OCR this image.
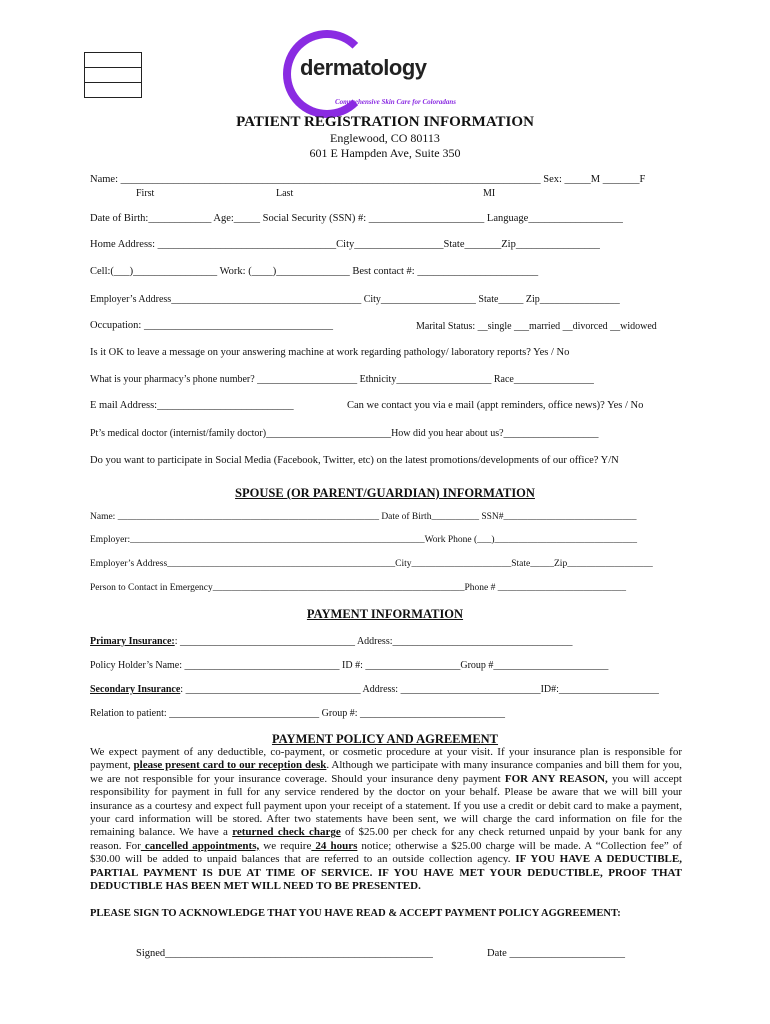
dermatology
Comprehensive Skin Care for Coloradans
PATIENT REGISTRATION INFORMATION
Englewood, CO 80113
601 E Hampden Ave, Suite 350
Name: ________________________________________________________________________________ Sex: _____M _______F
First	Last	MI
Date of Birth:____________ Age:_____ Social Security (SSN) #: ______________________ Language__________________
Home Address: __________________________________City_________________State_______Zip________________
Cell:(___)________________ Work: (____)______________ Best contact #: _______________________
Employer’s Address______________________________________ City___________________ State_____ Zip________________
Occupation: ____________________________________	Marital Status: __single ___married __divorced __widowed
Is it OK to leave a message on your answering machine at work regarding pathology/ laboratory reports? Yes / No
What is your pharmacy’s phone number? ____________________ Ethnicity___________________ Race________________
E mail Address:__________________________	Can we contact you via e mail (appt reminders, office news)? Yes / No
Pt’s medical doctor (internist/family doctor)_________________________How did you hear about us?___________________
Do you want to participate in Social Media (Facebook, Twitter, etc) on the latest promotions/developments of our office? Y/N
SPOUSE (OR PARENT/GUARDIAN) INFORMATION
Name: _______________________________________________________ Date of Birth__________ SSN#____________________________
Employer:______________________________________________________________Work Phone (___)______________________________
Employer’s Address________________________________________________City_____________________State_____Zip__________________
Person to Contact in Emergency_____________________________________________________Phone # ___________________________
PAYMENT INFORMATION
Primary Insurance:: ___________________________________ Address:____________________________________
Policy Holder’s Name: _______________________________ ID #: ___________________Group #_______________________
Secondary Insurance: ___________________________________ Address: ____________________________ID#:____________________
Relation to patient: ______________________________ Group #: _____________________________
PAYMENT POLICY AND AGREEMENT
We expect payment of any deductible, co-payment, or cosmetic procedure at your visit. If your insurance plan is responsible for payment, please present card to our reception desk. Although we participate with many insurance companies and bill them for you, we are not responsible for your insurance coverage. Should your insurance deny payment FOR ANY REASON, you will accept responsibility for payment in full for any service rendered by the doctor on your behalf. Please be aware that we will bill your insurance as a courtesy and expect full payment upon your receipt of a statement. If you use a credit or debit card to make a payment, your card information will be stored. After two statements have been sent, we will charge the card information on file for the remaining balance. We have a returned check charge of $25.00 per check for any check returned unpaid by your bank for any reason. For cancelled appointments, we require 24 hours notice; otherwise a $25.00 charge will be made. A “Collection fee” of $30.00 will be added to unpaid balances that are referred to an outside collection agency. IF YOU HAVE A DEDUCTIBLE, PARTIAL PAYMENT IS DUE AT TIME OF SERVICE. IF YOU HAVE MET YOUR DEDUCTIBLE, PROOF THAT DEDUCTIBLE HAS BEEN MET WILL NEED TO BE PRESENTED.
PLEASE SIGN TO ACKNOWLEDGE THAT YOU HAVE READ & ACCEPT PAYMENT POLICY AGGREEMENT:
Signed___________________________________________________	Date ______________________
